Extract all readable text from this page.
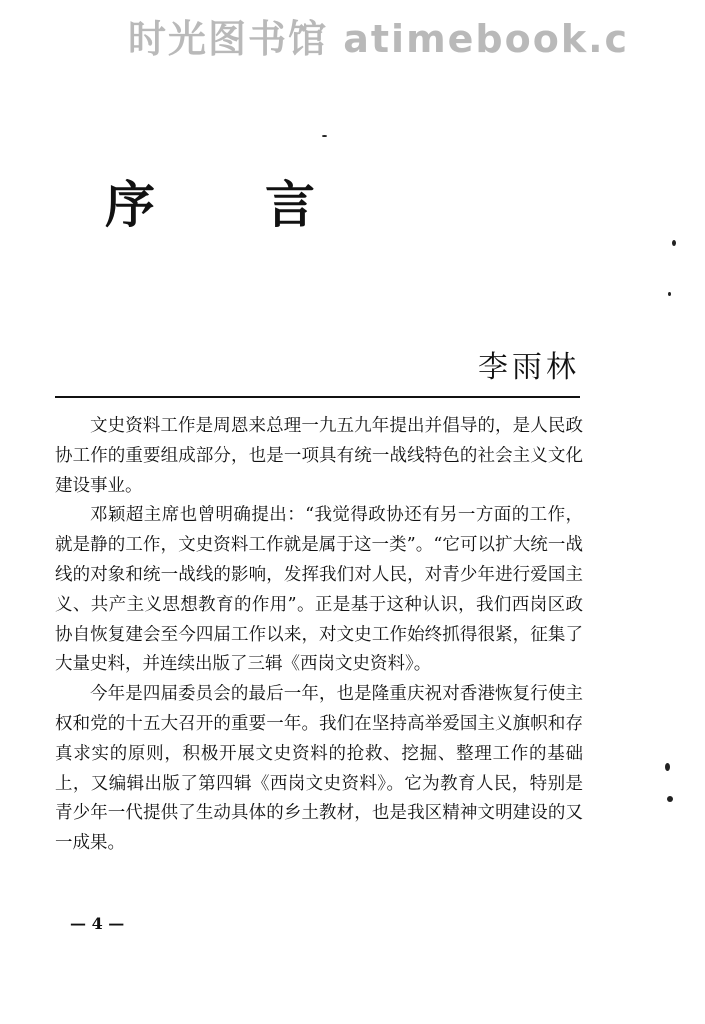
时光图书馆 atimebook.c
序 言
李雨林

文史资料工作是周恩来总理一九五九年提出并倡导的，是人民政协工作的重要组成部分，也是一项具有统一战线特色的社会主义文化建设事业。

邓颖超主席也曾明确提出：“我觉得政协还有另一方面的工作，就是静的工作，文史资料工作就是属于这一类”。“它可以扩大统一战线的对象和统一战线的影响，发挥我们对人民，对青少年进行爱国主义、共产主义思想教育的作用”。正是基于这种认识，我们西岗区政协自恢复建会至今四届工作以来，对文史工作始终抓得很紧，征集了大量史料，并连续出版了三辑《西岗文史资料》。

今年是四届委员会的最后一年，也是隆重庆祝对香港恢复行使主权和党的十五大召开的重要一年。我们在坚持高举爱国主义旗帜和存真求实的原则，积极开展文史资料的抢救、挖掘、整理工作的基础上，又编辑出版了第四辑《西岗文史资料》。它为教育人民，特别是青少年一代提供了生动具体的乡土教材，也是我区精神文明建设的又一成果。

— 4 —
